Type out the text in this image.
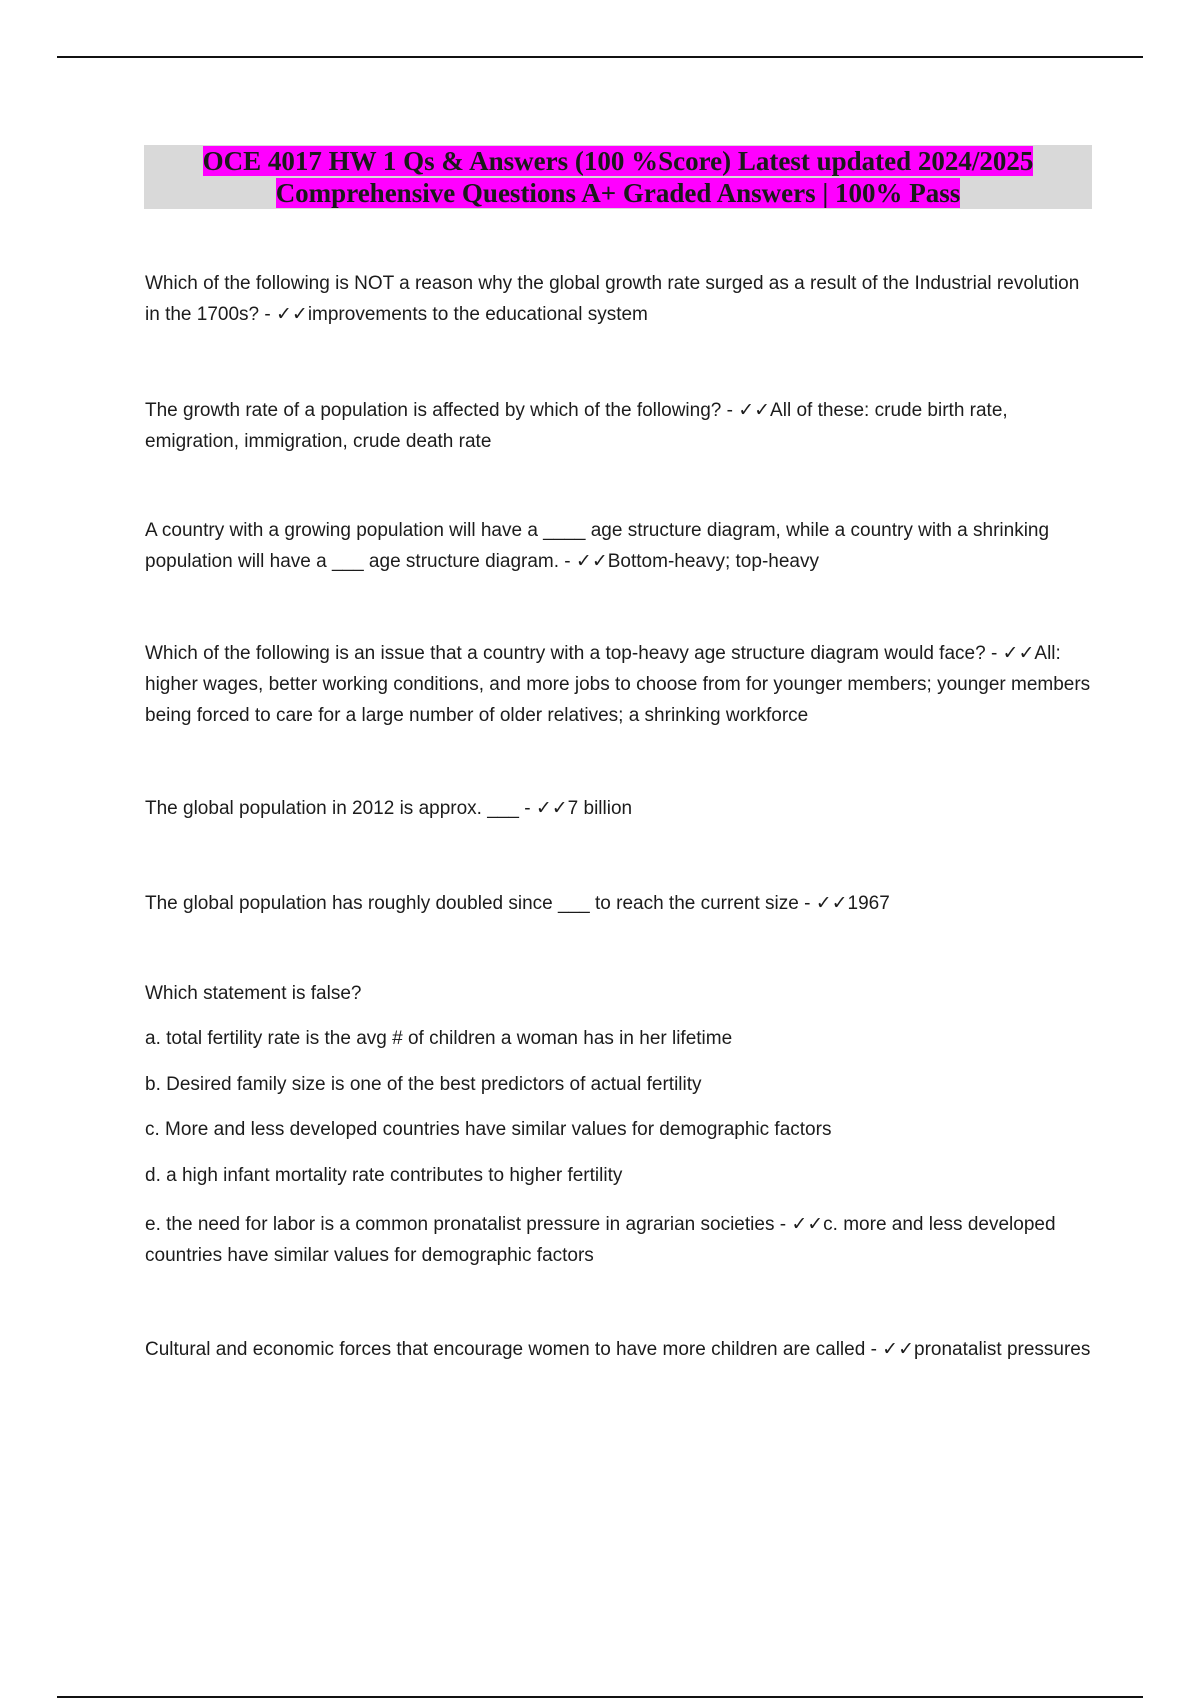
OCE 4017 HW 1 Qs & Answers (100 %Score) Latest updated 2024/2025
Comprehensive Questions A+ Graded Answers | 100% Pass

Which of the following is NOT a reason why the global growth rate surged as a result of the Industrial revolution in the 1700s? - ✓✓improvements to the educational system

The growth rate of a population is affected by which of the following? - ✓✓All of these: crude birth rate, emigration, immigration, crude death rate

A country with a growing population will have a ____ age structure diagram, while a country with a shrinking population will have a ___ age structure diagram. - ✓✓Bottom-heavy; top-heavy

Which of the following is an issue that a country with a top-heavy age structure diagram would face? - ✓✓All: higher wages, better working conditions, and more jobs to choose from for younger members; younger members being forced to care for a large number of older relatives; a shrinking workforce

The global population in 2012 is approx. ___ - ✓✓7 billion

The global population has roughly doubled since ___ to reach the current size - ✓✓1967

Which statement is false?

a. total fertility rate is the avg # of children a woman has in her lifetime

b. Desired family size is one of the best predictors of actual fertility

c. More and less developed countries have similar values for demographic factors

d. a high infant mortality rate contributes to higher fertility

e. the need for labor is a common pronatalist pressure in agrarian societies - ✓✓c. more and less developed countries have similar values for demographic factors

Cultural and economic forces that encourage women to have more children are called - ✓✓pronatalist pressures
